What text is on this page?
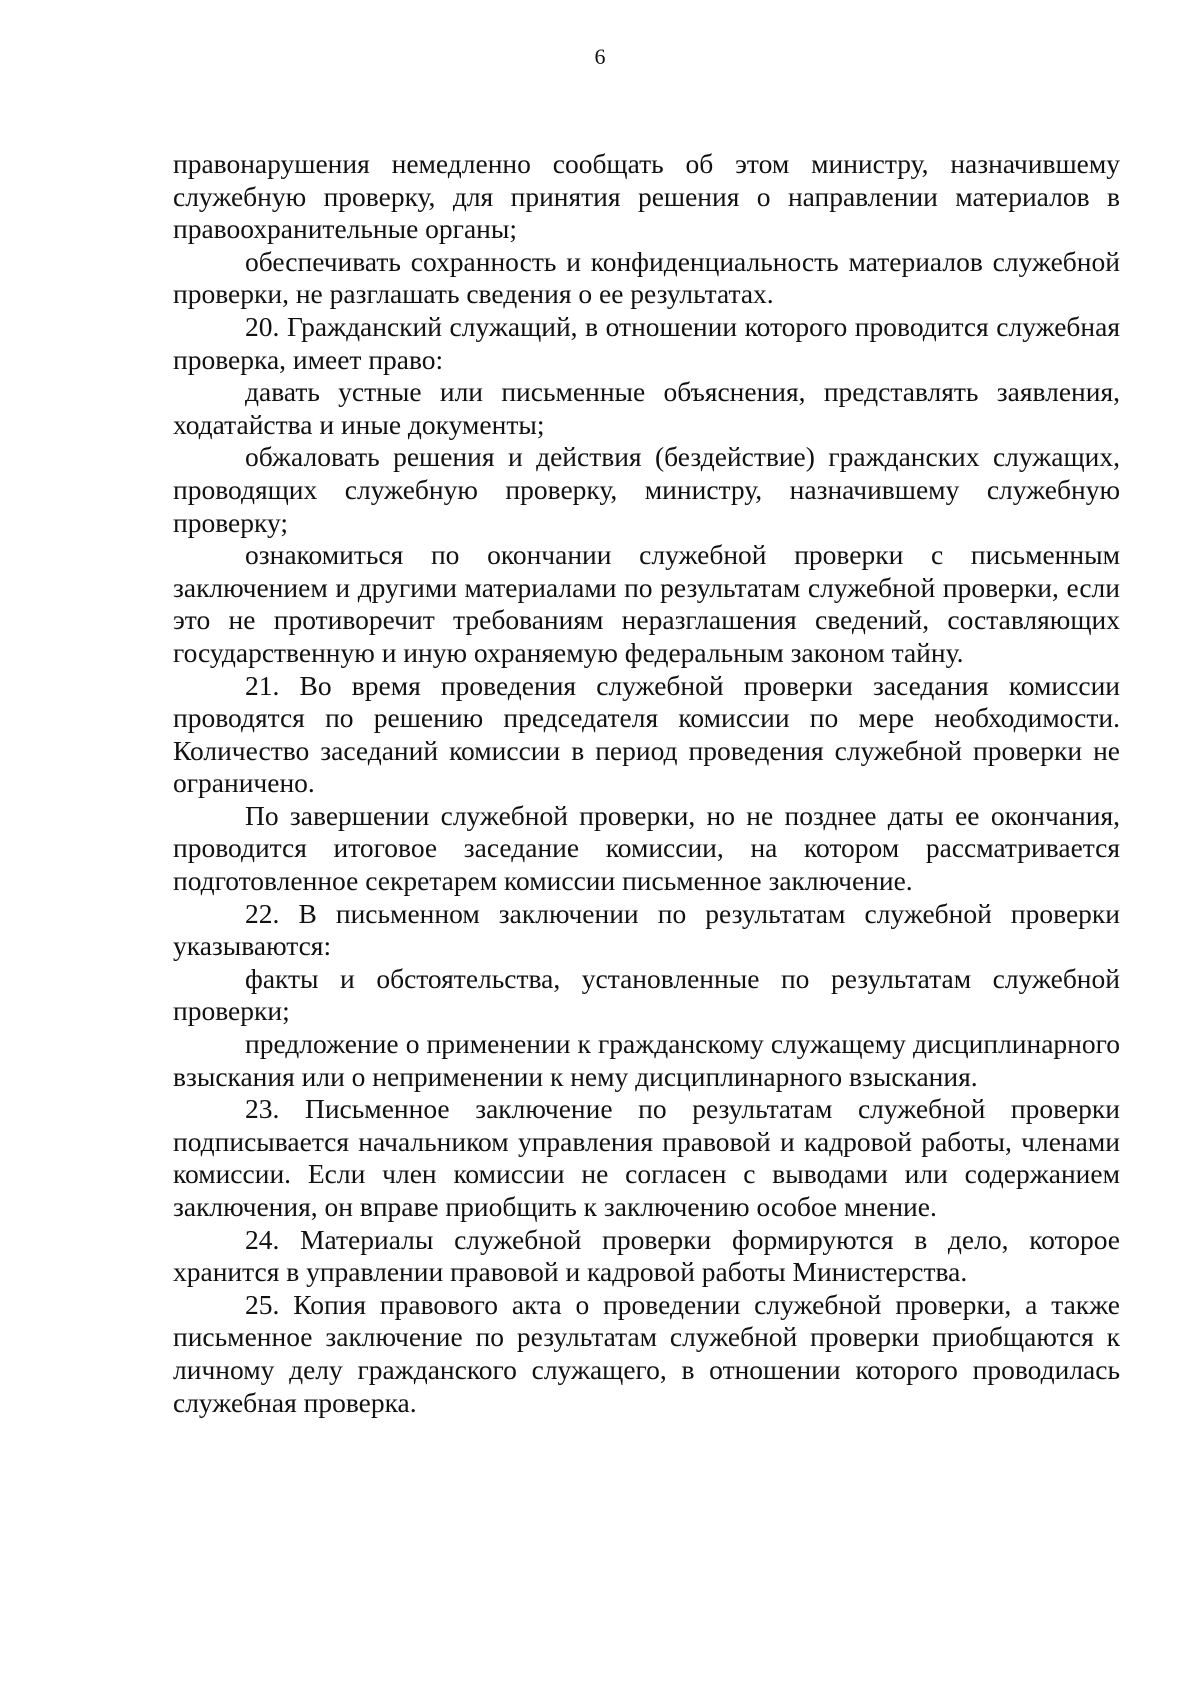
6

правонарушения немедленно сообщать об этом министру, назначившему служебную проверку, для принятия решения о направлении материалов в правоохранительные органы;

обеспечивать сохранность и конфиденциальность материалов служебной проверки, не разглашать сведения о ее результатах.

20. Гражданский служащий, в отношении которого проводится служебная проверка, имеет право:

давать устные или письменные объяснения, представлять заявления, ходатайства и иные документы;

обжаловать решения и действия (бездействие) гражданских служащих, проводящих служебную проверку, министру, назначившему служебную проверку;

ознакомиться по окончании служебной проверки с письменным заключением и другими материалами по результатам служебной проверки, если это не противоречит требованиям неразглашения сведений, составляющих государственную и иную охраняемую федеральным законом тайну.

21. Во время проведения служебной проверки заседания комиссии проводятся по решению председателя комиссии по мере необходимости. Количество заседаний комиссии в период проведения служебной проверки не ограничено.

По завершении служебной проверки, но не позднее даты ее окончания, проводится итоговое заседание комиссии, на котором рассматривается подготовленное секретарем комиссии письменное заключение.

22. В письменном заключении по результатам служебной проверки указываются:

факты и обстоятельства, установленные по результатам служебной проверки;

предложение о применении к гражданскому служащему дисциплинарного взыскания или о неприменении к нему дисциплинарного взыскания.

23. Письменное заключение по результатам служебной проверки подписывается начальником управления правовой и кадровой работы, членами комиссии. Если член комиссии не согласен с выводами или содержанием заключения, он вправе приобщить к заключению особое мнение.

24. Материалы служебной проверки формируются в дело, которое хранится в управлении правовой и кадровой работы Министерства.

25. Копия правового акта о проведении служебной проверки, а также письменное заключение по результатам служебной проверки приобщаются к личному делу гражданского служащего, в отношении которого проводилась служебная проверка.
